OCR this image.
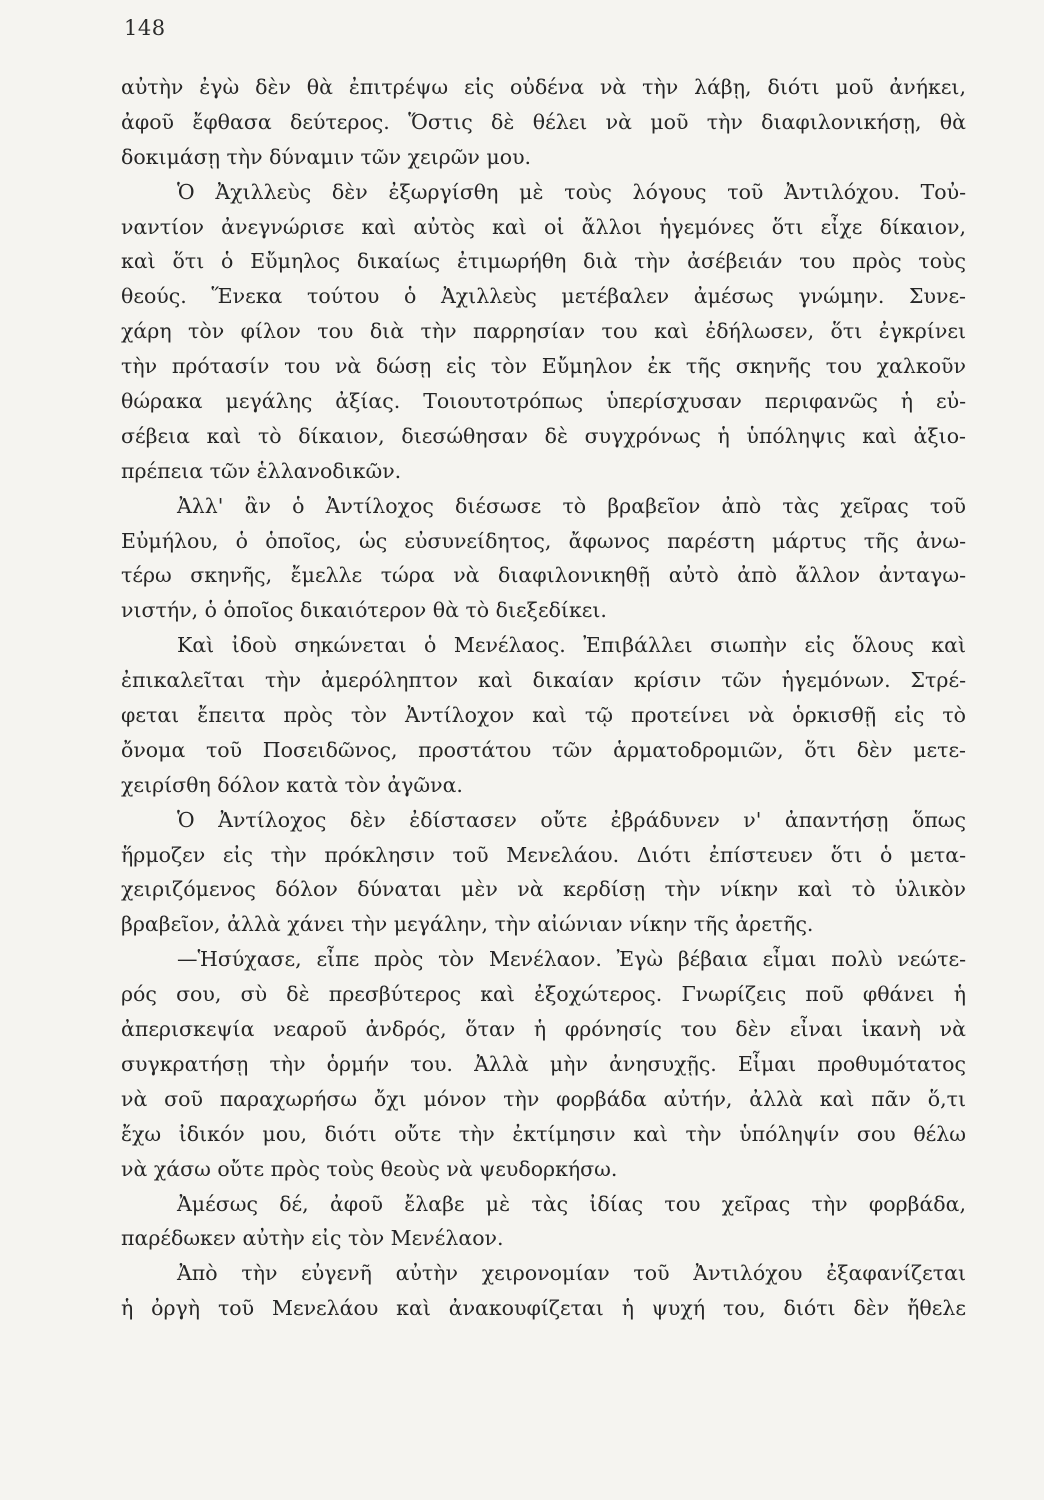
148
αὐτὴν ἐγὼ δὲν θὰ ἐπιτρέψω εἰς οὐδένα νὰ τὴν λάβῃ, διότι μοῦ ἀνήκει,
ἀφοῦ ἔφθασα δεύτερος. Ὅστις δὲ θέλει νὰ μοῦ τὴν διαφιλονικήσῃ, θὰ
δοκιμάσῃ τὴν δύναμιν τῶν χειρῶν μου.
Ὁ Ἀχιλλεὺς δὲν ἐξωργίσθη μὲ τοὺς λόγους τοῦ Ἀντιλόχου. Τοὐ-
ναντίον ἀνεγνώρισε καὶ αὐτὸς καὶ οἱ ἄλλοι ἡγεμόνες ὅτι εἶχε δίκαιον,
καὶ ὅτι ὁ Εὔμηλος δικαίως ἐτιμωρήθη διὰ τὴν ἀσέβειάν του πρὸς τοὺς
θεούς. Ἕνεκα τούτου ὁ Ἀχιλλεὺς μετέβαλεν ἀμέσως γνώμην. Συνε-
χάρη τὸν φίλον του διὰ τὴν παρρησίαν του καὶ ἐδήλωσεν, ὅτι ἐγκρίνει
τὴν πρότασίν του νὰ δώσῃ εἰς τὸν Εὔμηλον ἐκ τῆς σκηνῆς του χαλκοῦν
θώρακα μεγάλης ἀξίας. Τοιουτοτρόπως ὑπερίσχυσαν περιφανῶς ἡ εὐ-
σέβεια καὶ τὸ δίκαιον, διεσώθησαν δὲ συγχρόνως ἡ ὑπόληψις καὶ ἀξιο-
πρέπεια τῶν ἑλλανοδικῶν.
Ἀλλ' ἂν ὁ Ἀντίλοχος διέσωσε τὸ βραβεῖον ἀπὸ τὰς χεῖρας τοῦ
Εὐμήλου, ὁ ὁποῖος, ὡς εὐσυνείδητος, ἄφωνος παρέστη μάρτυς τῆς ἀνω-
τέρω σκηνῆς, ἔμελλε τώρα νὰ διαφιλονικηθῇ αὐτὸ ἀπὸ ἄλλον ἀνταγω-
νιστήν, ὁ ὁποῖος δικαιότερον θὰ τὸ διεξεδίκει.
Καὶ ἰδοὺ σηκώνεται ὁ Μενέλαος. Ἐπιβάλλει σιωπὴν εἰς ὅλους καὶ
ἐπικαλεῖται τὴν ἀμερόληπτον καὶ δικαίαν κρίσιν τῶν ἡγεμόνων. Στρέ-
φεται ἔπειτα πρὸς τὸν Ἀντίλοχον καὶ τῷ προτείνει νὰ ὁρκισθῇ εἰς τὸ
ὄνομα τοῦ Ποσειδῶνος, προστάτου τῶν ἁρματοδρομιῶν, ὅτι δὲν μετε-
χειρίσθη δόλον κατὰ τὸν ἀγῶνα.
Ὁ Ἀντίλοχος δὲν ἐδίστασεν οὔτε ἐβράδυνεν ν' ἀπαντήσῃ ὅπως
ἥρμοζεν εἰς τὴν πρόκλησιν τοῦ Μενελάου. Διότι ἐπίστευεν ὅτι ὁ μετα-
χειριζόμενος δόλον δύναται μὲν νὰ κερδίσῃ τὴν νίκην καὶ τὸ ὑλικὸν
βραβεῖον, ἀλλὰ χάνει τὴν μεγάλην, τὴν αἰώνιαν νίκην τῆς ἀρετῆς.
—Ἡσύχασε, εἶπε πρὸς τὸν Μενέλαον. Ἐγὼ βέβαια εἶμαι πολὺ νεώτε-
ρός σου, σὺ δὲ πρεσβύτερος καὶ ἐξοχώτερος. Γνωρίζεις ποῦ φθάνει ἡ
ἀπερισκεψία νεαροῦ ἀνδρός, ὅταν ἡ φρόνησίς του δὲν εἶναι ἱκανὴ νὰ
συγκρατήσῃ τὴν ὁρμήν του. Ἀλλὰ μὴν ἀνησυχῇς. Εἶμαι προθυμότατος
νὰ σοῦ παραχωρήσω ὄχι μόνον τὴν φορβάδα αὐτήν, ἀλλὰ καὶ πᾶν ὅ,τι
ἔχω ἰδικόν μου, διότι οὔτε τὴν ἐκτίμησιν καὶ τὴν ὑπόληψίν σου θέλω
νὰ χάσω οὔτε πρὸς τοὺς θεοὺς νὰ ψευδορκήσω.
Ἀμέσως δέ, ἀφοῦ ἔλαβε μὲ τὰς ἰδίας του χεῖρας τὴν φορβάδα,
παρέδωκεν αὐτὴν εἰς τὸν Μενέλαον.
Ἀπὸ τὴν εὐγενῆ αὐτὴν χειρονομίαν τοῦ Ἀντιλόχου ἐξαφανίζεται
ἡ ὀργὴ τοῦ Μενελάου καὶ ἀνακουφίζεται ἡ ψυχή του, διότι δὲν ἤθελε
